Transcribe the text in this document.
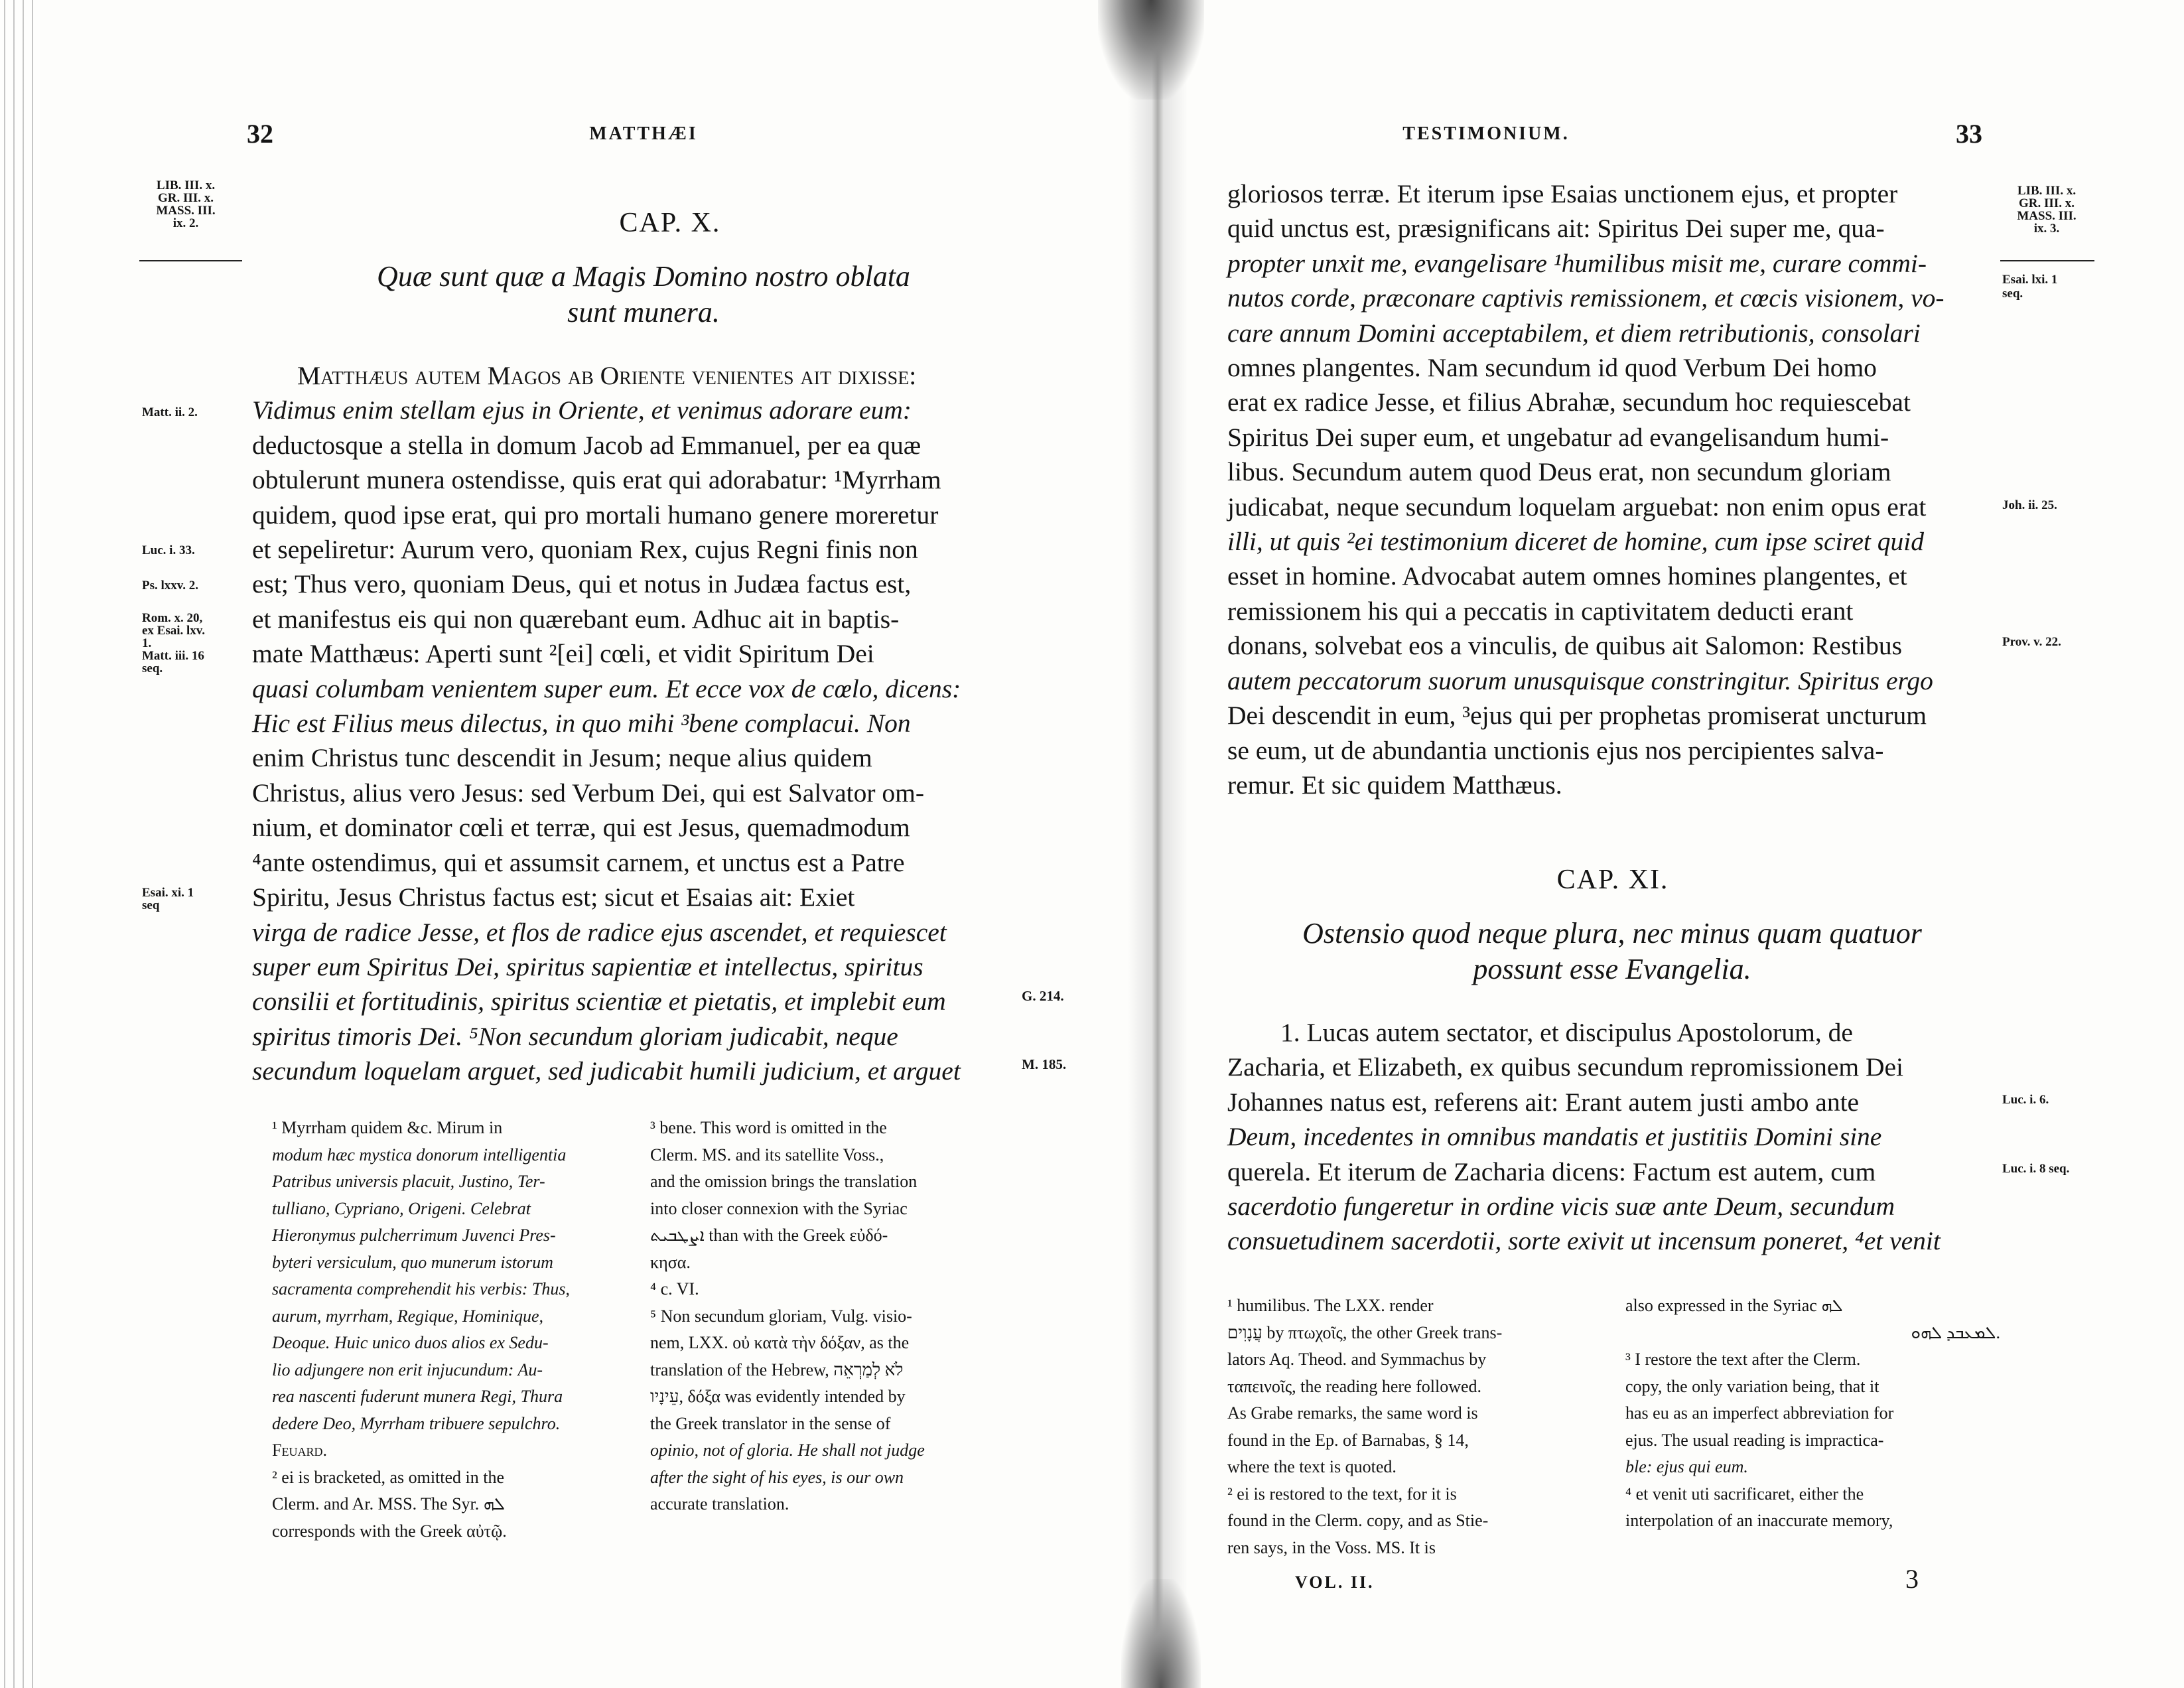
32	MATTHÆI
LIB. III. x.
GR. III. x.
MASS. III.
ix. 2.	CAP. X.
Quæ sunt quæ a Magis Domino nostro oblata sunt munera.
Matt. ii. 2.
Luc. i. 33.
Ps. lxxv. 2.
Rom. x. 20,
ex Esai. lxv.
1.
Matt. iii. 16
seq.
Esai. xi. 1
seq
G. 214.
M. 185.

Matthæus autem Magos ab Oriente venientes ait dixisse:

Vidimus enim stellam ejus in Oriente, et venimus adorare eum:

deductosque a stella in domum Jacob ad Emmanuel, per ea quæ

obtulerunt munera ostendisse, quis erat qui adorabatur: ¹Myrrham

quidem, quod ipse erat, qui pro mortali humano genere moreretur

et sepeliretur: Aurum vero, quoniam Rex, cujus Regni finis non

est; Thus vero, quoniam Deus, qui et notus in Judæa factus est,

et manifestus eis qui non quærebant eum. Adhuc ait in baptis-

mate Matthæus: Aperti sunt ²[ei] cœli, et vidit Spiritum Dei

quasi columbam venientem super eum. Et ecce vox de cœlo, dicens:

Hic est Filius meus dilectus, in quo mihi ³bene complacui. Non

enim Christus tunc descendit in Jesum; neque alius quidem

Christus, alius vero Jesus: sed Verbum Dei, qui est Salvator om-

nium, et dominator cœli et terræ, qui est Jesus, quemadmodum

⁴ante ostendimus, qui et assumsit carnem, et unctus est a Patre

Spiritu, Jesus Christus factus est; sicut et Esaias ait: Exiet

virga de radice Jesse, et flos de radice ejus ascendet, et requiescet

super eum Spiritus Dei, spiritus sapientiæ et intellectus, spiritus

consilii et fortitudinis, spiritus scientiæ et pietatis, et implebit eum

spiritus timoris Dei. ⁵Non secundum gloriam judicabit, neque

secundum loquelam arguet, sed judicabit humili judicium, et arguet

¹ Myrrham quidem &c. Mirum in

modum hæc mystica donorum intelligentia

Patribus universis placuit, Justino, Ter-

tulliano, Cypriano, Origeni. Celebrat

Hieronymus pulcherrimum Juvenci Pres-

byteri versiculum, quo munerum istorum

sacramenta comprehendit his verbis: Thus,

aurum, myrrham, Regique, Hominique,

Deoque. Huic unico duos alios ex Sedu-

lio adjungere non erit injucundum: Au-

rea nascenti fuderunt munera Regi, Thura

dedere Deo, Myrrham tribuere sepulchro.

Feuard.

² ei is bracketed, as omitted in the

Clerm. and Ar. MSS. The Syr. ܠܗ

corresponds with the Greek αὐτῷ.

³ bene. This word is omitted in the

Clerm. MS. and its satellite Voss.,

and the omission brings the translation

into closer connexion with the Syriac

ܐܨܛܒܝܬ than with the Greek εὐδό-

κησα.

⁴ c. VI.

⁵ Non secundum gloriam, Vulg. visio-

nem, LXX. οὐ κατὰ τὴν δόξαν, as the

translation of the Hebrew, לֹא לְמַרְאֵה

עֵינָיו, δόξα was evidently intended by

the Greek translator in the sense of

opinio, not of gloria. He shall not judge

after the sight of his eyes, is our own

accurate translation.

TESTIMONIUM.	33
LIB. III. x.
GR. III. x.
MASS. III.
ix. 3.
Esai. lxi. 1
seq.
Joh. ii. 25.
Prov. v. 22.
Luc. i. 6.
Luc. i. 8 seq.

gloriosos terræ. Et iterum ipse Esaias unctionem ejus, et propter

quid unctus est, præsignificans ait: Spiritus Dei super me, qua-

propter unxit me, evangelisare ¹humilibus misit me, curare commi-

nutos corde, præconare captivis remissionem, et cœcis visionem, vo-

care annum Domini acceptabilem, et diem retributionis, consolari

omnes plangentes. Nam secundum id quod Verbum Dei homo

erat ex radice Jesse, et filius Abrahæ, secundum hoc requiescebat

Spiritus Dei super eum, et ungebatur ad evangelisandum humi-

libus. Secundum autem quod Deus erat, non secundum gloriam

judicabat, neque secundum loquelam arguebat: non enim opus erat

illi, ut quis ²ei testimonium diceret de homine, cum ipse sciret quid

esset in homine. Advocabat autem omnes homines plangentes, et

remissionem his qui a peccatis in captivitatem deducti erant

donans, solvebat eos a vinculis, de quibus ait Salomon: Restibus

autem peccatorum suorum unusquisque constringitur. Spiritus ergo

Dei descendit in eum, ³ejus qui per prophetas promiserat uncturum

se eum, ut de abundantia unctionis ejus nos percipientes salva-

remur. Et sic quidem Matthæus.

CAP. XI.
Ostensio quod neque plura, nec minus quam quatuor possunt esse Evangelia.

1. Lucas autem sectator, et discipulus Apostolorum, de

Zacharia, et Elizabeth, ex quibus secundum repromissionem Dei

Johannes natus est, referens ait: Erant autem justi ambo ante

Deum, incedentes in omnibus mandatis et justitiis Domini sine

querela. Et iterum de Zacharia dicens: Factum est autem, cum

sacerdotio fungeretur in ordine vicis suæ ante Deum, secundum

consuetudinem sacerdotii, sorte exivit ut incensum poneret, ⁴et venit

¹ humilibus. The LXX. render

עֲנָוִים by πτωχοῖς, the other Greek trans-

lators Aq. Theod. and Symmachus by

ταπεινοῖς, the reading here followed.

As Grabe remarks, the same word is

found in the Ep. of Barnabas, § 14,

where the text is quoted.

² ei is restored to the text, for it is

found in the Clerm. copy, and as Stie-

ren says, in the Voss. MS. It is

also expressed in the Syriac ܠܗ

ܠܡܥܒܕ ܠܗܘ.

³ I restore the text after the Clerm.

copy, the only variation being, that it

has eu as an imperfect abbreviation for

ejus. The usual reading is impractica-

ble: ejus qui eum.

⁴ et venit uti sacrificaret, either the

interpolation of an inaccurate memory,

VOL. II.	3
